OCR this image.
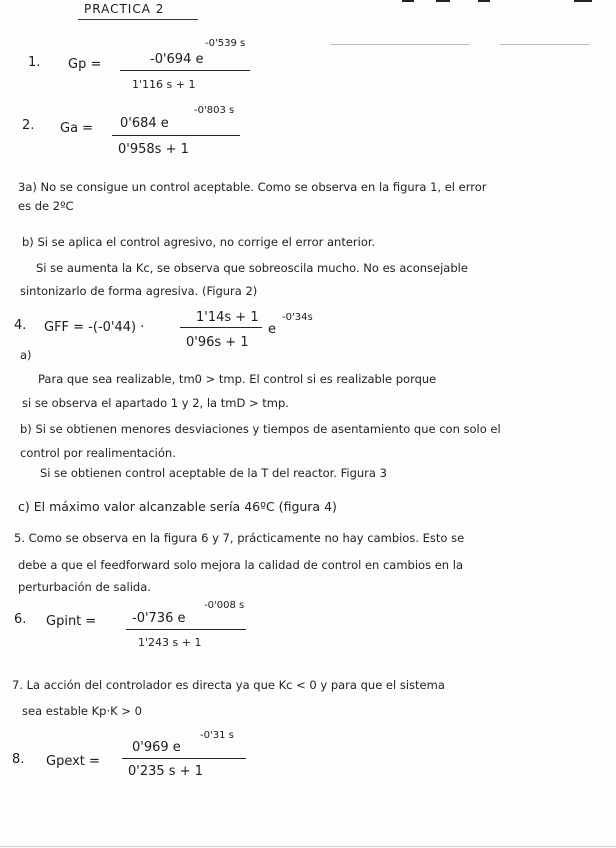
PRACTICA 2
1. Gp =
-0'539 s
-0'694 e
1'116 s + 1
2. Ga =
-0'803 s
0'684 e
0'958s + 1
3a) No se consigue un control aceptable. Como se observa en la figura 1, el error
es de 2ºC
b) Si se aplica el control agresivo, no corrige el error anterior.
Si se aumenta la Kc, se observa que sobreoscila mucho. No es aconsejable
sintonizarlo de forma agresiva. (Figura 2)
4. GFF = -(-0'44) ·
1'14s + 1
0'96s + 1
e
-0'34s
a)
Para que sea realizable, tm0 > tmp. El control si es realizable porque
si se observa el apartado 1 y 2, la tmD > tmp.
b) Si se obtienen menores desviaciones y tiempos de asentamiento que con solo el
control por realimentación.
Si se obtienen control aceptable de la T del reactor. Figura 3
c) El máximo valor alcanzable sería 46ºC (figura 4)
5. Como se observa en la figura 6 y 7, prácticamente no hay cambios. Esto se
debe a que el feedforward solo mejora la calidad de control en cambios en la
perturbación de salida.
6. Gpint =
-0'008 s
-0'736 e
1'243 s + 1
7. La acción del controlador es directa ya que Kc < 0 y para que el sistema
sea estable Kp·K > 0
8. Gpext =
-0'31 s
0'969 e
0'235 s + 1
